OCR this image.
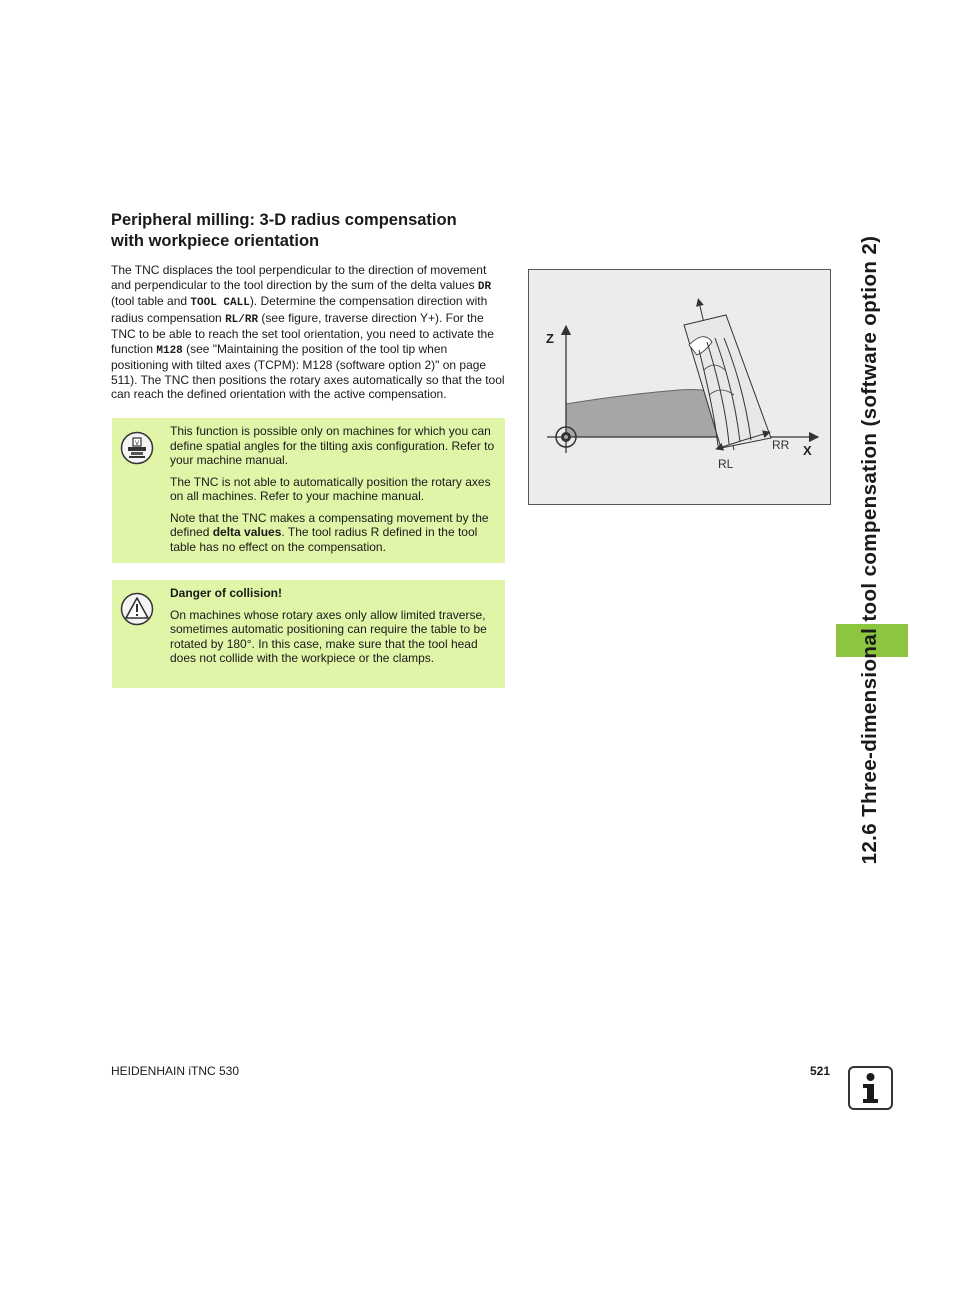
Peripheral milling: 3-D radius compensation
with workpiece orientation

The TNC displaces the tool perpendicular to the direction of movement and perpendicular to the tool direction by the sum of the delta values DR (tool table and TOOL CALL). Determine the compensation direction with radius compensation RL/RR (see figure, traverse direction Y+). For the TNC to be able to reach the set tool orientation, you need to activate the function M128 (see "Maintaining the position of the tool tip when positioning with tilted axes (TCPM): M128 (software option 2)" on page 511). The TNC then positions the rotary axes automatically so that the tool can reach the defined orientation with the active compensation.

V

This function is possible only on machines for which you can define spatial angles for the tilting axis configuration. Refer to your machine manual.

The TNC is not able to automatically position the rotary axes on all machines. Refer to your machine manual.

Note that the TNC makes a compensating movement by the defined delta values. The tool radius R defined in the tool table has no effect on the compensation.

Danger of collision!

On machines whose rotary axes only allow limited traverse, sometimes automatic positioning can require the table to be rotated by 180°. In this case, make sure that the tool head does not collide with the workpiece or the clamps.

Z
X
RR
RL	12.6 Three-dimensional tool compensation (software option 2)
HEIDENHAIN iTNC 530	521
